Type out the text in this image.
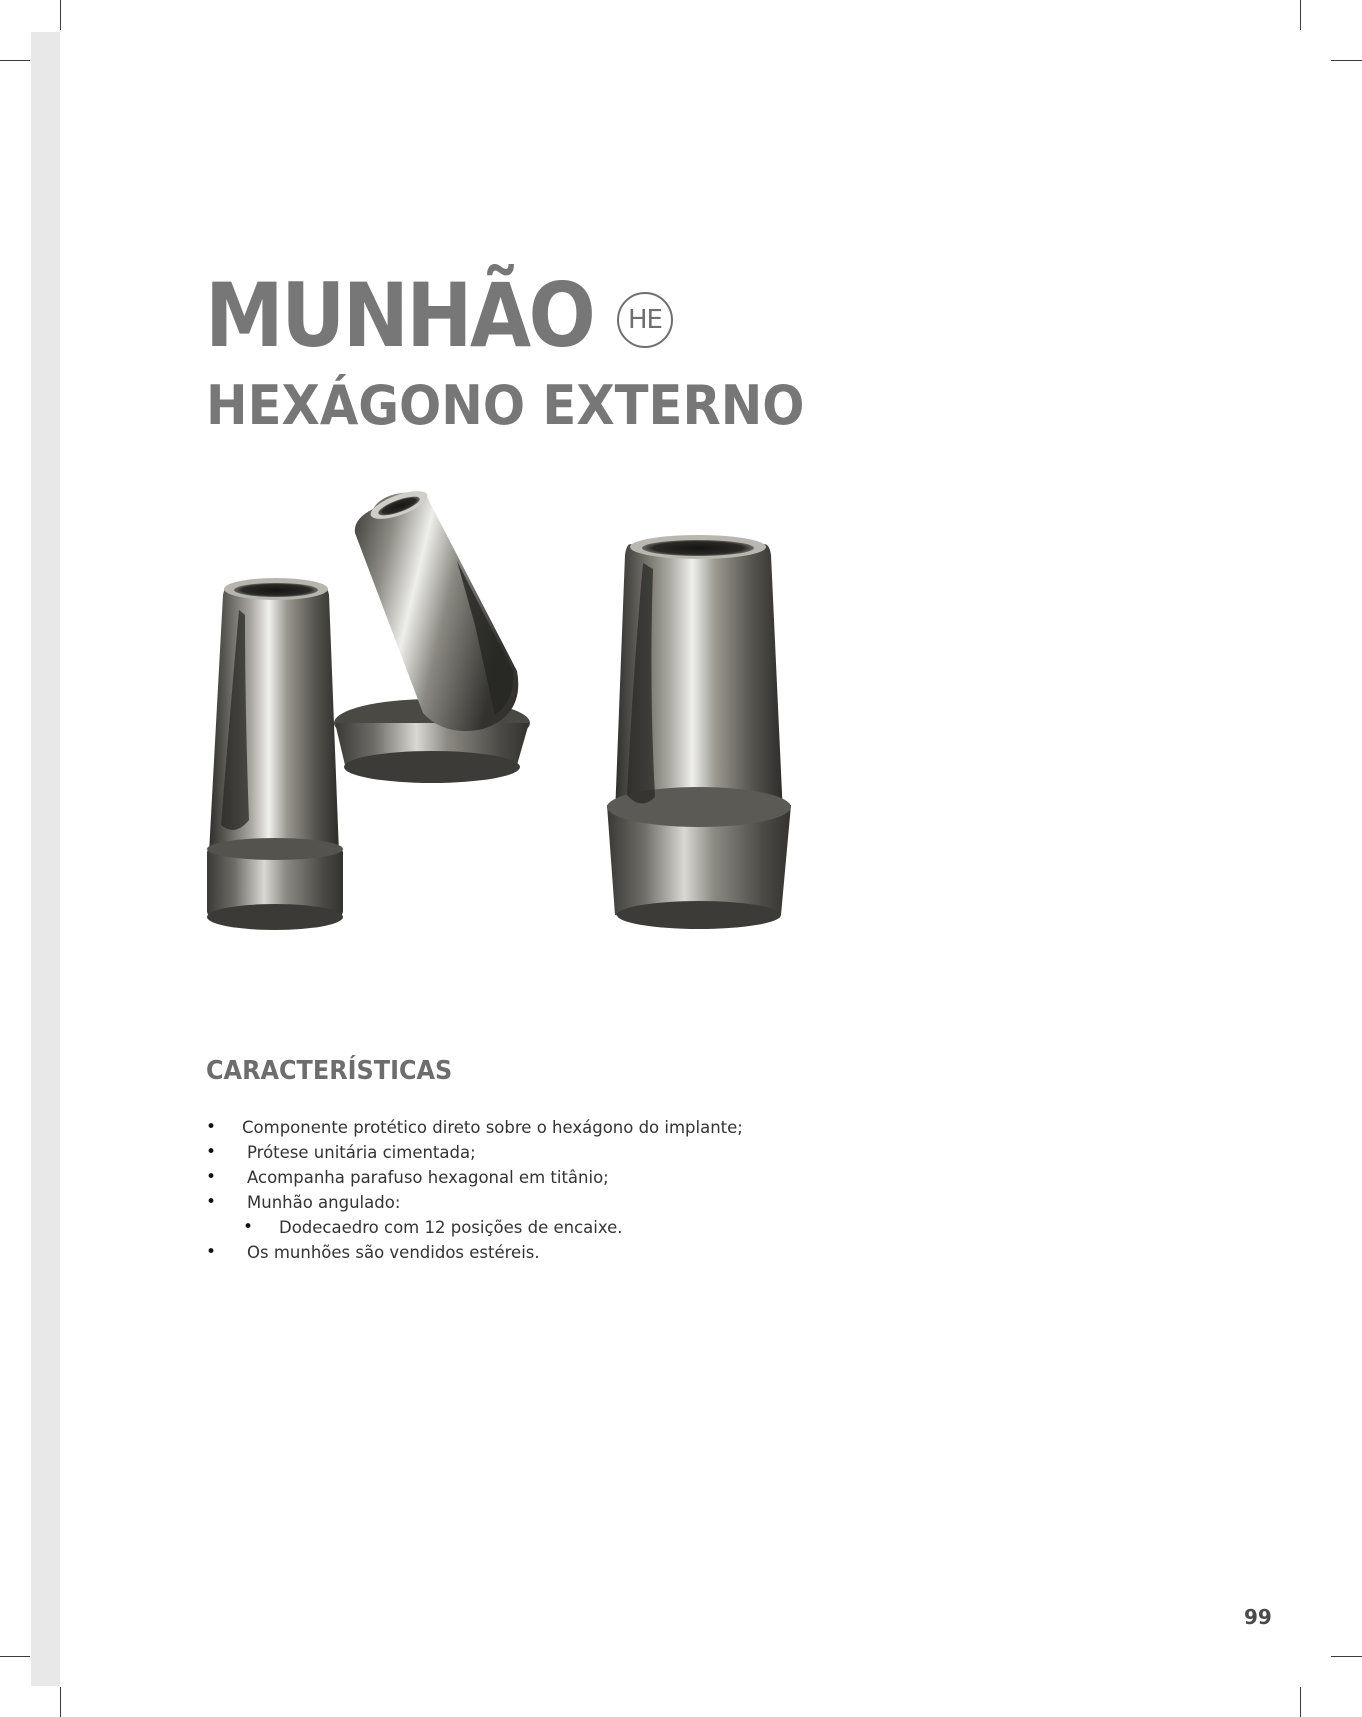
MUNHÃO	HE
HEXÁGONO EXTERNO
CARACTERÍSTICAS
• Componente protético direto sobre o hexágono do implante;
• Prótese unitária cimentada;
• Acompanha parafuso hexagonal em titânio;
• Munhão angulado:
• Dodecaedro com 12 posições de encaixe.
• Os munhões são vendidos estéreis.
99
